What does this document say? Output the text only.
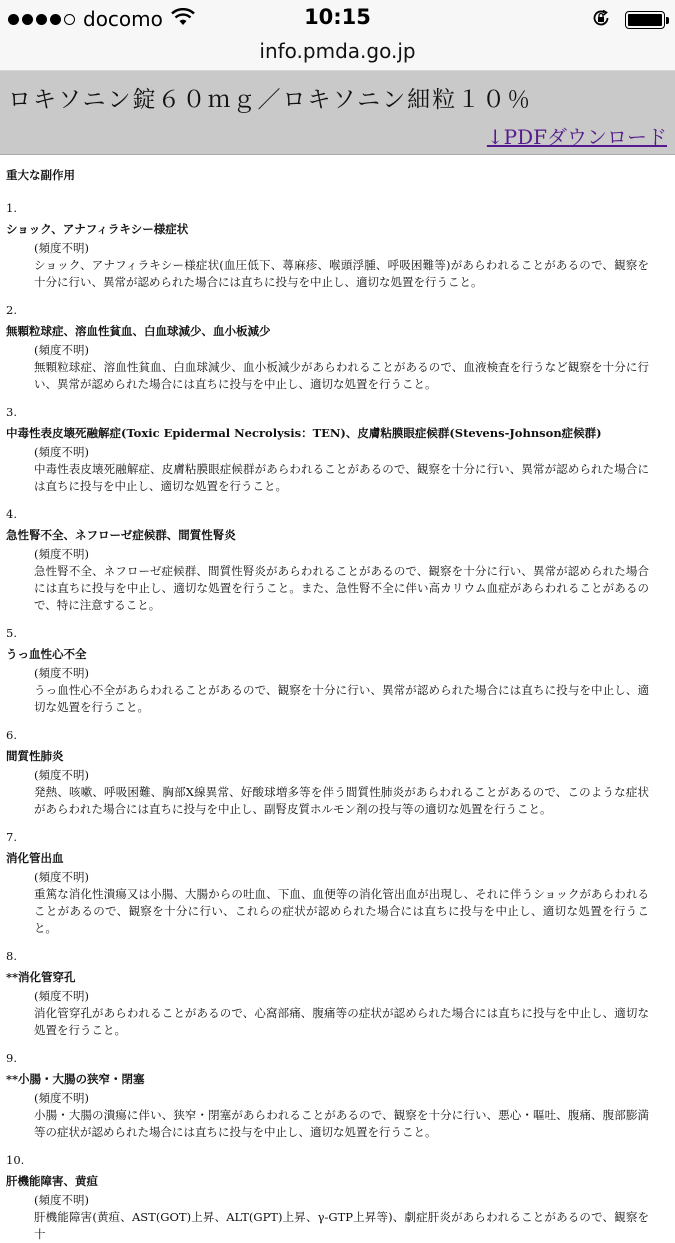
docomo	10:15
info.pmda.go.jp
ロキソニン錠６０ｍｇ／ロキソニン細粒１０％
↓PDFダウンロード
重大な副作用
1.
ショック、アナフィラキシー様症状
(頻度不明)
ショック、アナフィラキシー様症状(血圧低下、蕁麻疹、喉頭浮腫、呼吸困難等)があらわれることがあるので、観察を十分に行い、異常が認められた場合には直ちに投与を中止し、適切な処置を行うこと。
2.
無顆粒球症、溶血性貧血、白血球減少、血小板減少
(頻度不明)
無顆粒球症、溶血性貧血、白血球減少、血小板減少があらわれることがあるので、血液検査を行うなど観察を十分に行い、異常が認められた場合には直ちに投与を中止し、適切な処置を行うこと。
3.
中毒性表皮壊死融解症(Toxic Epidermal Necrolysis：TEN)、皮膚粘膜眼症候群(Stevens-Johnson症候群)
(頻度不明)
中毒性表皮壊死融解症、皮膚粘膜眼症候群があらわれることがあるので、観察を十分に行い、異常が認められた場合には直ちに投与を中止し、適切な処置を行うこと。
4.
急性腎不全、ネフローゼ症候群、間質性腎炎
(頻度不明)
急性腎不全、ネフローゼ症候群、間質性腎炎があらわれることがあるので、観察を十分に行い、異常が認められた場合には直ちに投与を中止し、適切な処置を行うこと。また、急性腎不全に伴い高カリウム血症があらわれることがあるので、特に注意すること。
5.
うっ血性心不全
(頻度不明)
うっ血性心不全があらわれることがあるので、観察を十分に行い、異常が認められた場合には直ちに投与を中止し、適切な処置を行うこと。
6.
間質性肺炎
(頻度不明)
発熱、咳嗽、呼吸困難、胸部X線異常、好酸球増多等を伴う間質性肺炎があらわれることがあるので、このような症状があらわれた場合には直ちに投与を中止し、副腎皮質ホルモン剤の投与等の適切な処置を行うこと。
7.
消化管出血
(頻度不明)
重篤な消化性潰瘍又は小腸、大腸からの吐血、下血、血便等の消化管出血が出現し、それに伴うショックがあらわれることがあるので、観察を十分に行い、これらの症状が認められた場合には直ちに投与を中止し、適切な処置を行うこと。
8.
**消化管穿孔
(頻度不明)
消化管穿孔があらわれることがあるので、心窩部痛、腹痛等の症状が認められた場合には直ちに投与を中止し、適切な処置を行うこと。
9.
**小腸・大腸の狭窄・閉塞
(頻度不明)
小腸・大腸の潰瘍に伴い、狭窄・閉塞があらわれることがあるので、観察を十分に行い、悪心・嘔吐、腹痛、腹部膨満等の症状が認められた場合には直ちに投与を中止し、適切な処置を行うこと。
10.
肝機能障害、黄疸
(頻度不明)
肝機能障害(黄疸、AST(GOT)上昇、ALT(GPT)上昇、γ-GTP上昇等)、劇症肝炎があらわれることがあるので、観察を十
